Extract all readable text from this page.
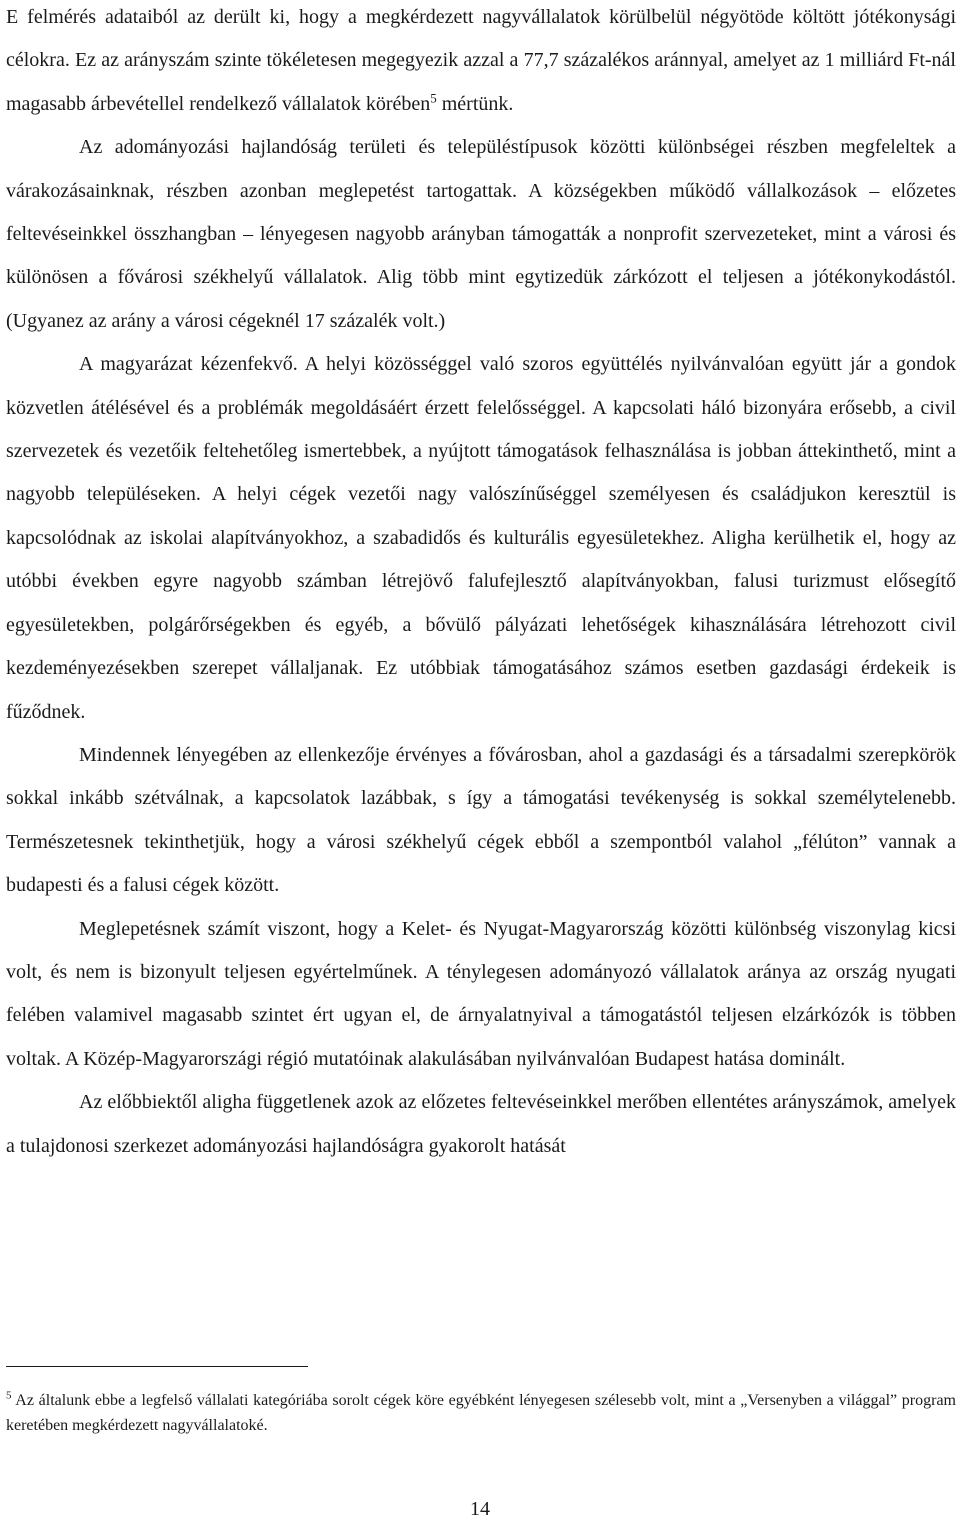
E felmérés adataiból az derült ki, hogy a megkérdezett nagyvállalatok körülbelül négyötöde költött jótékonysági célokra. Ez az arányszám szinte tökéletesen megegyezik azzal a 77,7 százalékos aránnyal, amelyet az 1 milliárd Ft-nál magasabb árbevétellel rendelkező vállalatok körében$^5$ mértünk.

Az adományozási hajlandóság területi és településtípusok közötti különbségei részben megfeleltek a várakozásainknak, részben azonban meglepetést tartogattak. A községekben működő vállalkozások – előzetes feltevéseinkkel összhangban – lényegesen nagyobb arányban támogatták a nonprofit szervezeteket, mint a városi és különösen a fővárosi székhelyű vállalatok. Alig több mint egytizedük zárkózott el teljesen a jótékonykodástól. (Ugyanez az arány a városi cégeknél 17 százalék volt.)

A magyarázat kézenfekvő. A helyi közösséggel való szoros együttélés nyilvánvalóan együtt jár a gondok közvetlen átélésével és a problémák megoldásáért érzett felelősséggel. A kapcsolati háló bizonyára erősebb, a civil szervezetek és vezetőik feltehetőleg ismertebbek, a nyújtott támogatások felhasználása is jobban áttekinthető, mint a nagyobb településeken. A helyi cégek vezetői nagy valószínűséggel személyesen és családjukon keresztül is kapcsolódnak az iskolai alapítványokhoz, a szabadidős és kulturális egyesületekhez. Aligha kerülhetik el, hogy az utóbbi években egyre nagyobb számban létrejövő falufejlesztő alapítványokban, falusi turizmust elősegítő egyesületekben, polgárőrségekben és egyéb, a bővülő pályázati lehetőségek kihasználására létrehozott civil kezdeményezésekben szerepet vállaljanak. Ez utóbbiak támogatásához számos esetben gazdasági érdekeik is fűződnek.

Mindennek lényegében az ellenkezője érvényes a fővárosban, ahol a gazdasági és a társadalmi szerepkörök sokkal inkább szétválnak, a kapcsolatok lazábbak, s így a támogatási tevékenység is sokkal személytelenebb. Természetesnek tekinthetjük, hogy a városi székhelyű cégek ebből a szempontból valahol „félúton” vannak a budapesti és a falusi cégek között.

Meglepetésnek számít viszont, hogy a Kelet- és Nyugat-Magyarország közötti különbség viszonylag kicsi volt, és nem is bizonyult teljesen egyértelműnek. A ténylegesen adományozó vállalatok aránya az ország nyugati felében valamivel magasabb szintet ért ugyan el, de árnyalatnyival a támogatástól teljesen elzárkózók is többen voltak. A Közép-Magyarországi régió mutatóinak alakulásában nyilvánvalóan Budapest hatása dominált.

Az előbbiektől aligha függetlenek azok az előzetes feltevéseinkkel merőben ellentétes arányszámok, amelyek a tulajdonosi szerkezet adományozási hajlandóságra gyakorolt hatását

$^5$ Az általunk ebbe a legfelső vállalati kategóriába sorolt cégek köre egyébként lényegesen szélesebb volt, mint a „Versenyben a világgal” program keretében megkérdezett nagyvállalatoké.

14
